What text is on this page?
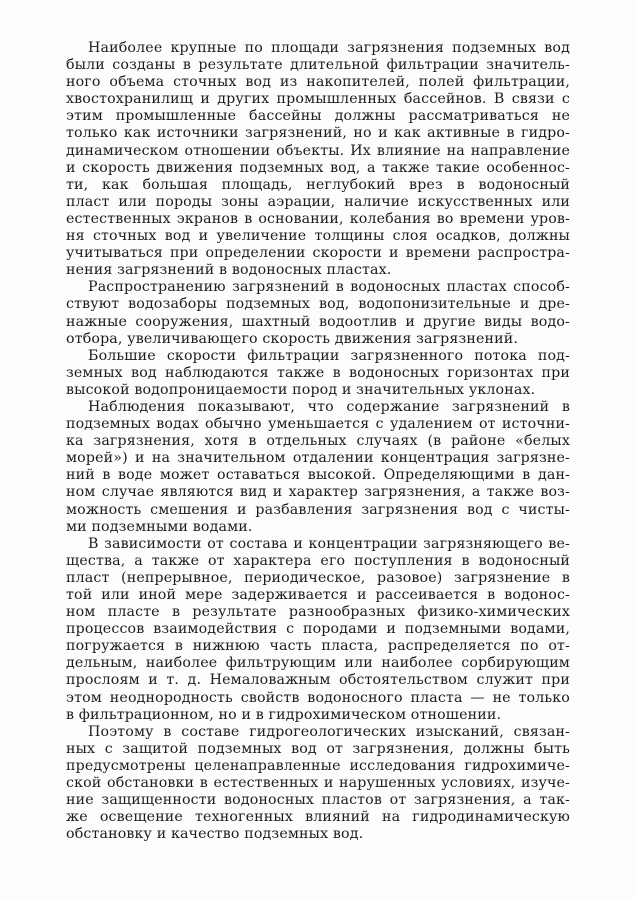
Наиболее крупные по площади загрязнения подземных вод
были созданы в результате длительной фильтрации значитель-
ного объема сточных вод из накопителей, полей фильтрации,
хвостохранилищ и других промышленных бассейнов. В связи с
этим промышленные бассейны должны рассматриваться не
только как источники загрязнений, но и как активные в гидро-
динамическом отношении объекты. Их влияние на направление
и скорость движения подземных вод, а также такие особеннос-
ти, как большая площадь, неглубокий врез в водоносный
пласт или породы зоны аэрации, наличие искусственных или
естественных экранов в основании, колебания во времени уров-
ня сточных вод и увеличение толщины слоя осадков, должны
учитываться при определении скорости и времени распростра-
нения загрязнений в водоносных пластах.
Распространению загрязнений в водоносных пластах способ-
ствуют водозаборы подземных вод, водопонизительные и дре-
нажные сооружения, шахтный водоотлив и другие виды водо-
отбора, увеличивающего скорость движения загрязнений.
Большие скорости фильтрации загрязненного потока под-
земных вод наблюдаются также в водоносных горизонтах при
высокой водопроницаемости пород и значительных уклонах.
Наблюдения показывают, что содержание загрязнений в
подземных водах обычно уменьшается с удалением от источни-
ка загрязнения, хотя в отдельных случаях (в районе «белых
морей») и на значительном отдалении концентрация загрязне-
ний в воде может оставаться высокой. Определяющими в дан-
ном случае являются вид и характер загрязнения, а также воз-
можность смешения и разбавления загрязнения вод с чисты-
ми подземными водами.
В зависимости от состава и концентрации загрязняющего ве-
щества, а также от характера его поступления в водоносный
пласт (непрерывное, периодическое, разовое) загрязнение в
той или иной мере задерживается и рассеивается в водонос-
ном пласте в результате разнообразных физико-химических
процессов взаимодействия с породами и подземными водами,
погружается в нижнюю часть пласта, распределяется по от-
дельным, наиболее фильтрующим или наиболее сорбирующим
прослоям и т. д. Немаловажным обстоятельством служит при
этом неоднородность свойств водоносного пласта — не только
в фильтрационном, но и в гидрохимическом отношении.
Поэтому в составе гидрогеологических изысканий, связан-
ных с защитой подземных вод от загрязнения, должны быть
предусмотрены целенаправленные исследования гидрохимиче-
ской обстановки в естественных и нарушенных условиях, изуче-
ние защищенности водоносных пластов от загрязнения, а так-
же освещение техногенных влияний на гидродинамическую
обстановку и качество подземных вод.
